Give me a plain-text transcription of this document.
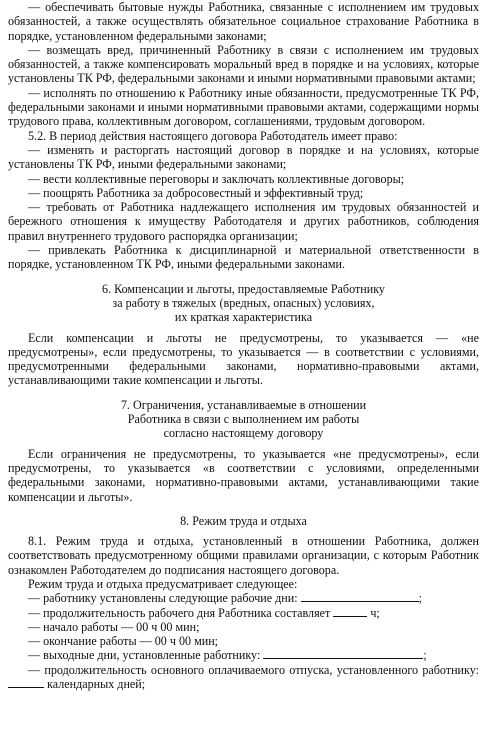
— обеспечивать бытовые нужды Работника, связанные с исполнением им трудовых обязанностей, а также осуществлять обязательное социальное страхование Работника в порядке, установленном федеральными законами;

— возмещать вред, причиненный Работнику в связи с исполнением им трудовых обязанностей, а также компенсировать моральный вред в порядке и на условиях, которые установлены ТК РФ, федеральными законами и иными нормативными правовыми актами;

— исполнять по отношению к Работнику иные обязанности, предусмотренные ТК РФ, федеральными законами и иными нормативными правовыми актами, содержащими нормы трудового права, коллективным договором, соглашениями, трудовым договором.

5.2. В период действия настоящего договора Работодатель имеет право:

— изменять и расторгать настоящий договор в порядке и на условиях, которые установлены ТК РФ, иными федеральными законами;

— вести коллективные переговоры и заключать коллективные договоры;

— поощрять Работника за добросовестный и эффективный труд;

— требовать от Работника надлежащего исполнения им трудовых обязанностей и бережного отношения к имуществу Работодателя и других работников, соблюдения правил внутреннего трудового распорядка организации;

— привлекать Работника к дисциплинарной и материальной ответственности в порядке, установленном ТК РФ, иными федеральными законами.

6. Компенсации и льготы, предоставляемые Работнику

за работу в тяжелых (вредных, опасных) условиях,

их краткая характеристика

Если компенсации и льготы не предусмотрены, то указывается — «не предусмотрены», если предусмотрены, то указывается — в соответствии с условиями, предусмотренными федеральными законами, нормативно-правовыми актами, устанавливающими такие компенсации и льготы.

7. Ограничения, устанавливаемые в отношении

Работника в связи с выполнением им работы

согласно настоящему договору

Если ограничения не предусмотрены, то указывается «не предусмотрены», если предусмотрены, то указывается «в соответствии с условиями, определенными федеральными законами, нормативно-правовыми актами, устанавливающими такие компенсации и льготы».

8. Режим труда и отдыха

8.1. Режим труда и отдыха, установленный в отношении Работника, должен соответствовать предусмотренному общими правилами организации, с которым Работник ознакомлен Работодателем до подписания настоящего договора.

Режим труда и отдыха предусматривает следующее:

— работнику установлены следующие рабочие дни:	;

— продолжительность рабочего дня Работника составляет	ч;

— начало работы — 00 ч 00 мин;

— окончание работы — 00 ч 00 мин;

— выходные дни, установленные работнику:	;

— продолжительность основного оплачиваемого отпуска, установленного работнику:  календарных дней;
